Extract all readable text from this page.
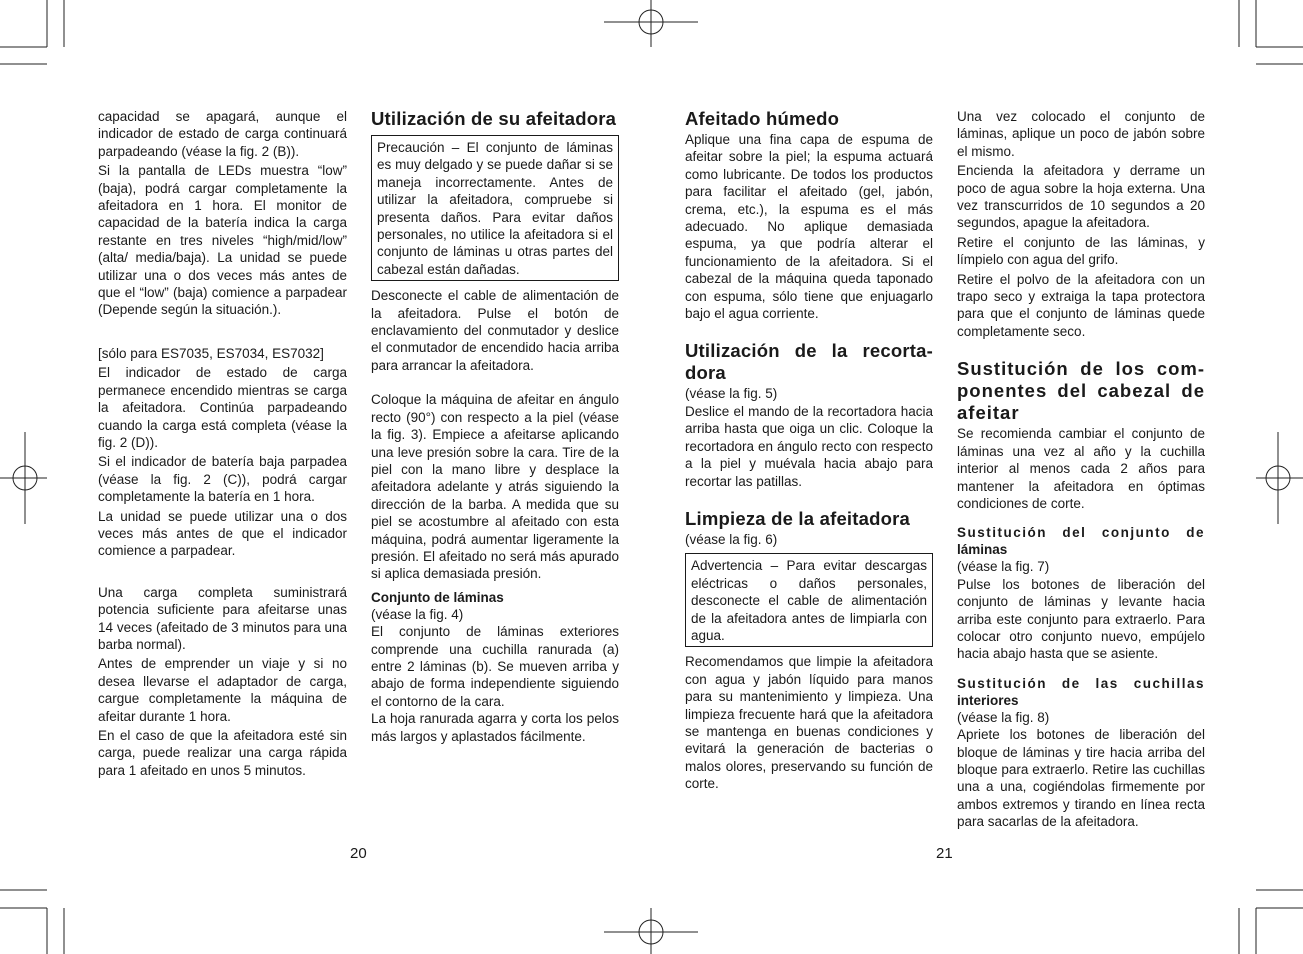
capacidad se apagará, aunque el indicador de estado de carga continuará parpadeando (véase la fig. 2 (B)).

Si la pantalla de LEDs muestra “low” (baja), podrá cargar completamente la afeitadora en 1 hora. El monitor de capacidad de la batería indica la carga restante en tres niveles “high/mid/low” (alta/ media/baja). La unidad se puede utilizar una o dos veces más antes de que el “low” (baja) comience a parpadear (Depende según la situación.).

[sólo para ES7035, ES7034, ES7032]

El indicador de estado de carga permanece encendido mientras se carga la afeitadora. Continúa parpadeando cuando la carga está completa (véase la fig. 2 (D)).

Si el indicador de batería baja parpadea (véase la fig. 2 (C)), podrá cargar completamente la batería en 1 hora.

La unidad se puede utilizar una o dos veces más antes de que el indicador comience a parpadear.

Una carga completa suministrará potencia suficiente para afeitarse unas 14 veces (afeitado de 3 minutos para una barba normal).

Antes de emprender un viaje y si no desea llevarse el adaptador de carga, cargue completamente la máquina de afeitar durante 1 hora.

En el caso de que la afeitadora esté sin carga, puede realizar una carga rápida para 1 afeitado en unos 5 minutos.

Utilización de su afeitadora

Precaución – El conjunto de láminas es muy delgado y se puede dañar si se maneja incorrectamente. Antes de utilizar la afeitadora, compruebe si presenta daños. Para evitar daños personales, no utilice la afeitadora si el conjunto de láminas u otras partes del cabezal están dañadas.

Desconecte el cable de alimentación de la afeitadora. Pulse el botón de enclavamiento del conmutador y deslice el conmutador de encendido hacia arriba para arrancar la afeitadora.

Coloque la máquina de afeitar en ángulo recto (90°) con respecto a la piel (véase la fig. 3). Empiece a afeitarse aplicando una leve presión sobre la cara. Tire de la piel con la mano libre y desplace la afeitadora adelante y atrás siguiendo la dirección de la barba. A medida que su piel se acostumbre al afeitado con esta máquina, podrá aumentar ligeramente la presión. El afeitado no será más apurado si aplica demasiada presión.

Conjunto de láminas

(véase la fig. 4)

El conjunto de láminas exteriores comprende una cuchilla ranurada (a) entre 2 láminas (b). Se mueven arriba y abajo de forma independiente siguiendo el contorno de la cara.

La hoja ranurada agarra y corta los pelos más largos y aplastados fácilmente.

Afeitado húmedo

Aplique una fina capa de espuma de afeitar sobre la piel; la espuma actuará como lubricante. De todos los productos para facilitar el afeitado (gel, jabón, crema, etc.), la espuma es el más adecuado. No aplique demasiada espuma, ya que podría alterar el funcionamiento de la afeitadora. Si el cabezal de la máquina queda taponado con espuma, sólo tiene que enjuagarlo bajo el agua corriente.

Utilización de la recorta-
dora

(véase la fig. 5)

Deslice el mando de la recortadora hacia arriba hasta que oiga un clic. Coloque la recortadora en ángulo recto con respecto a la piel y muévala hacia abajo para recortar las patillas.

Limpieza de la afeitadora

(véase la fig. 6)

Advertencia – Para evitar descargas eléctricas o daños personales, desconecte el cable de alimentación de la afeitadora antes de limpiarla con agua.

Recomendamos que limpie la afeitadora con agua y jabón líquido para manos para su mantenimiento y limpieza. Una limpieza frecuente hará que la afeitadora se mantenga en buenas condiciones y evitará la generación de bacterias o malos olores, preservando su función de corte.

Una vez colocado el conjunto de láminas, aplique un poco de jabón sobre el mismo.

Encienda la afeitadora y derrame un poco de agua sobre la hoja externa. Una vez transcurridos de 10 segundos a 20 segundos, apague la afeitadora.

Retire el conjunto de las láminas, y límpielo con agua del grifo.

Retire el polvo de la afeitadora con un trapo seco y extraiga la tapa protectora para que el conjunto de láminas quede completamente seco.

Sustitución de los com-
ponentes del cabezal de
afeitar

Se recomienda cambiar el conjunto de láminas una vez al año y la cuchilla interior al menos cada 2 años para mantener la afeitadora en óptimas condiciones de corte.

Sustitución del conjunto de
láminas

(véase la fig. 7)

Pulse los botones de liberación del conjunto de láminas y levante hacia arriba este conjunto para extraerlo. Para colocar otro conjunto nuevo, empújelo hacia abajo hasta que se asiente.

Sustitución de las cuchillas
interiores

(véase la fig. 8)

Apriete los botones de liberación del bloque de láminas y tire hacia arriba del bloque para extraerlo. Retire las cuchillas una a una, cogiéndolas firmemente por ambos extremos y tirando en línea recta para sacarlas de la afeitadora.

20	21
